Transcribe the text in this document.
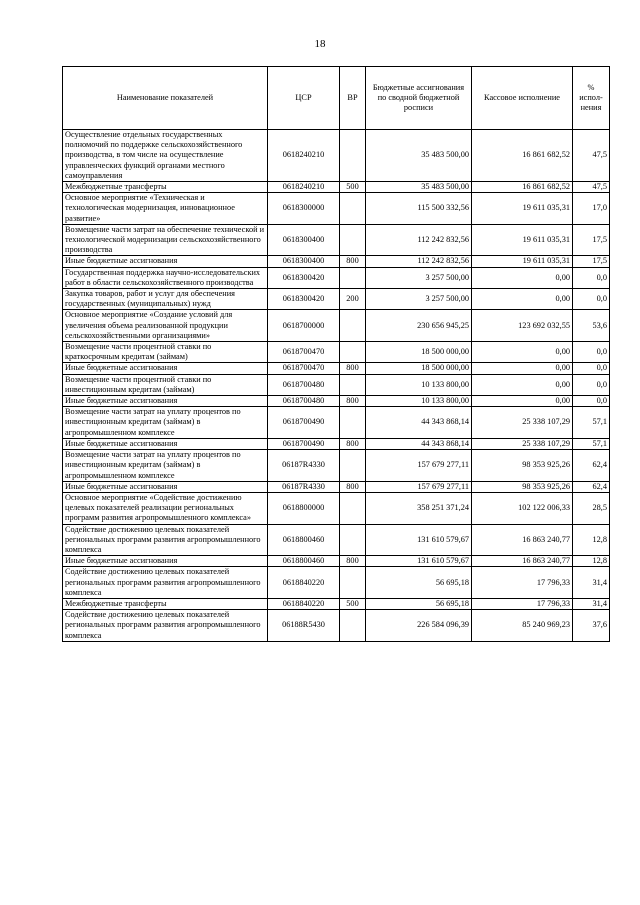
18
Наименование показателей	ЦСР	ВР	Бюджетные ассигнования по сводной бюджетной росписи	Кассовое исполнение	% испол-нения
Осуществление отдельных государственных полномочий по поддержке сельскохозяйственного производства, в том числе на осуществление управленческих функций органами местного самоуправления	0618240210		35 483 500,00	16 861 682,52	47,5
Межбюджетные трансферты	0618240210	500	35 483 500,00	16 861 682,52	47,5
Основное мероприятие «Техническая и технологическая модернизация, инновационное развитие»	0618300000		115 500 332,56	19 611 035,31	17,0
Возмещение части затрат на обеспечение технической и технологической модернизации сельскохозяйственного производства	0618300400		112 242 832,56	19 611 035,31	17,5
Иные бюджетные ассигнования	0618300400	800	112 242 832,56	19 611 035,31	17,5
Государственная поддержка научно-исследовательских работ в области сельскохозяйственного производства	0618300420		3 257 500,00	0,00	0,0
Закупка товаров, работ и услуг для обеспечения государственных (муниципальных) нужд	0618300420	200	3 257 500,00	0,00	0,0
Основное мероприятие «Создание условий для увеличения объема реализованной продукции сельскохозяйственными организациями»	0618700000		230 656 945,25	123 692 032,55	53,6
Возмещение части процентной ставки по краткосрочным кредитам (займам)	0618700470		18 500 000,00	0,00	0,0
Иные бюджетные ассигнования	0618700470	800	18 500 000,00	0,00	0,0
Возмещение части процентной ставки по инвестиционным кредитам (займам)	0618700480		10 133 800,00	0,00	0,0
Иные бюджетные ассигнования	0618700480	800	10 133 800,00	0,00	0,0
Возмещение части затрат на уплату процентов по инвестиционным кредитам (займам) в агропромышленном комплексе	0618700490		44 343 868,14	25 338 107,29	57,1
Иные бюджетные ассигнования	0618700490	800	44 343 868,14	25 338 107,29	57,1
Возмещение части затрат на уплату процентов по инвестиционным кредитам (займам) в агропромышленном комплексе	06187R4330		157 679 277,11	98 353 925,26	62,4
Иные бюджетные ассигнования	06187R4330	800	157 679 277,11	98 353 925,26	62,4
Основное мероприятие «Содействие достижению целевых показателей реализации региональных программ развития агропромышленного комплекса»	0618800000		358 251 371,24	102 122 006,33	28,5
Содействие достижению целевых показателей региональных программ развития агропромышленного комплекса	0618800460		131 610 579,67	16 863 240,77	12,8
Иные бюджетные ассигнования	0618800460	800	131 610 579,67	16 863 240,77	12,8
Содействие достижению целевых показателей региональных программ развития агропромышленного комплекса	0618840220		56 695,18	17 796,33	31,4
Межбюджетные трансферты	0618840220	500	56 695,18	17 796,33	31,4
Содействие достижению целевых показателей региональных программ развития агропромышленного комплекса	06188R5430		226 584 096,39	85 240 969,23	37,6
